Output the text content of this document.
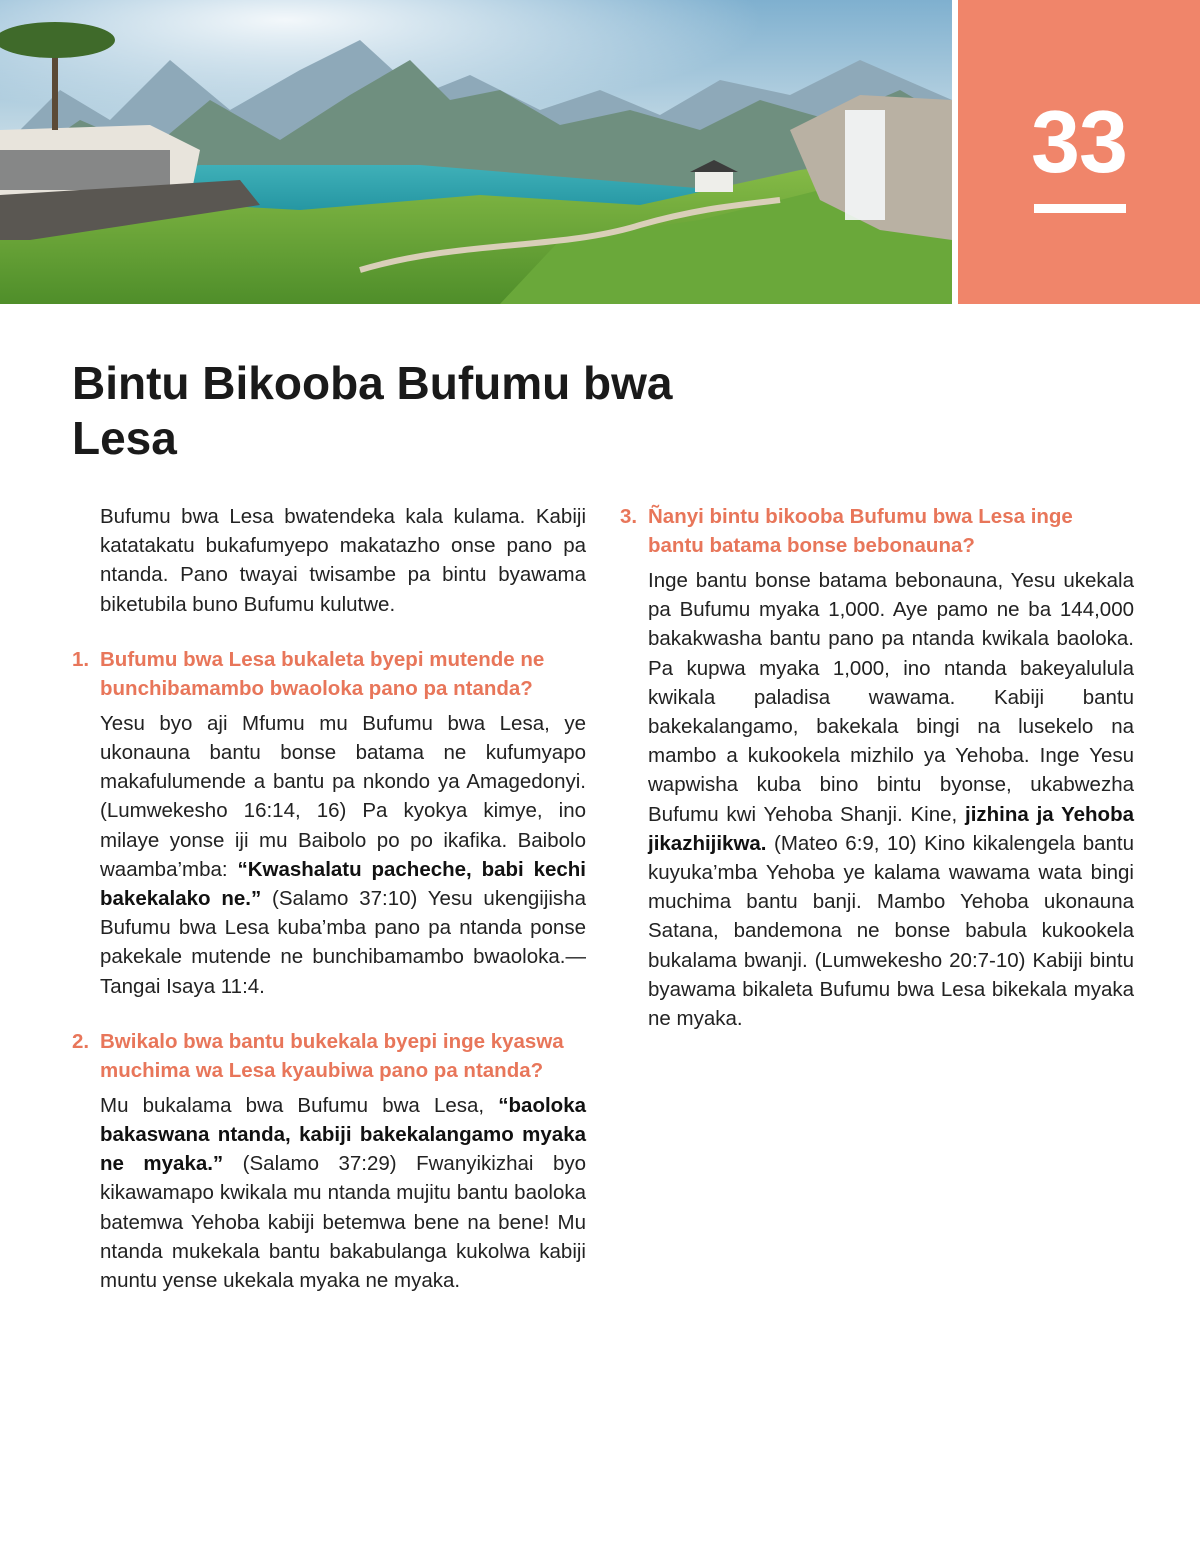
33
Bintu Bikooba Bufumu bwa Lesa

Bufumu bwa Lesa bwatendeka kala kulama. Kabiji katatakatu bukafumyepo makatazho onse pano pa ntanda. Pano twayai twisambe pa bintu byawama biketubila buno Bufumu kulutwe.

1. Bufumu bwa Lesa bukaleta byepi mutende ne bunchibamambo bwaoloka pano pa ntanda?

Yesu byo aji Mfumu mu Bufumu bwa Lesa, ye ukonauna bantu bonse batama ne kufumyapo makafulumende a bantu pa nkondo ya Amagedonyi. (Lumwekesho 16:14, 16) Pa kyokya kimye, ino milaye yonse iji mu Baibolo po po ikafika. Baibolo waamba’mba: “Kwashalatu pacheche, babi kechi bakekalako ne.” (Salamo 37:10) Yesu ukengijisha Bufumu bwa Lesa kuba’mba pano pa ntanda ponse pakekale mutende ne bunchibamambo bwaoloka.—Tangai Isaya 11:4.

2. Bwikalo bwa bantu bukekala byepi inge kyaswa muchima wa Lesa kyaubiwa pano pa ntanda?

Mu bukalama bwa Bufumu bwa Lesa, “baoloka bakaswana ntanda, kabiji bakekalangamo myaka ne myaka.” (Salamo 37:29) Fwanyikizhai byo kikawamapo kwikala mu ntanda mujitu bantu baoloka batemwa Yehoba kabiji betemwa bene na bene! Mu ntanda mukekala bantu bakabulanga kukolwa kabiji muntu yense ukekala myaka ne myaka.

3. Ñanyi bintu bikooba Bufumu bwa Lesa inge bantu batama bonse bebonauna?

Inge bantu bonse batama bebonauna, Yesu ukekala pa Bufumu myaka 1,000. Aye pamo ne ba 144,000 bakakwasha bantu pano pa ntanda kwikala baoloka. Pa kupwa myaka 1,000, ino ntanda bakeyalulula kwikala paladisa wawama. Kabiji bantu bakekalangamo, bakekala bingi na lusekelo na mambo a kukookela mizhilo ya Yehoba. Inge Yesu wapwisha kuba bino bintu byonse, ukabwezha Bufumu kwi Yehoba Shanji. Kine, jizhina ja Yehoba jikazhijikwa. (Mateo 6:9, 10) Kino kikalengela bantu kuyuka’mba Yehoba ye kalama wawama wata bingi muchima bantu banji. Mambo Yehoba ukonauna Satana, bandemona ne bonse babula kukookela bukalama bwanji. (Lumwekesho 20:7-10) Kabiji bintu byawama bikaleta Bufumu bwa Lesa bikekala myaka ne myaka.
